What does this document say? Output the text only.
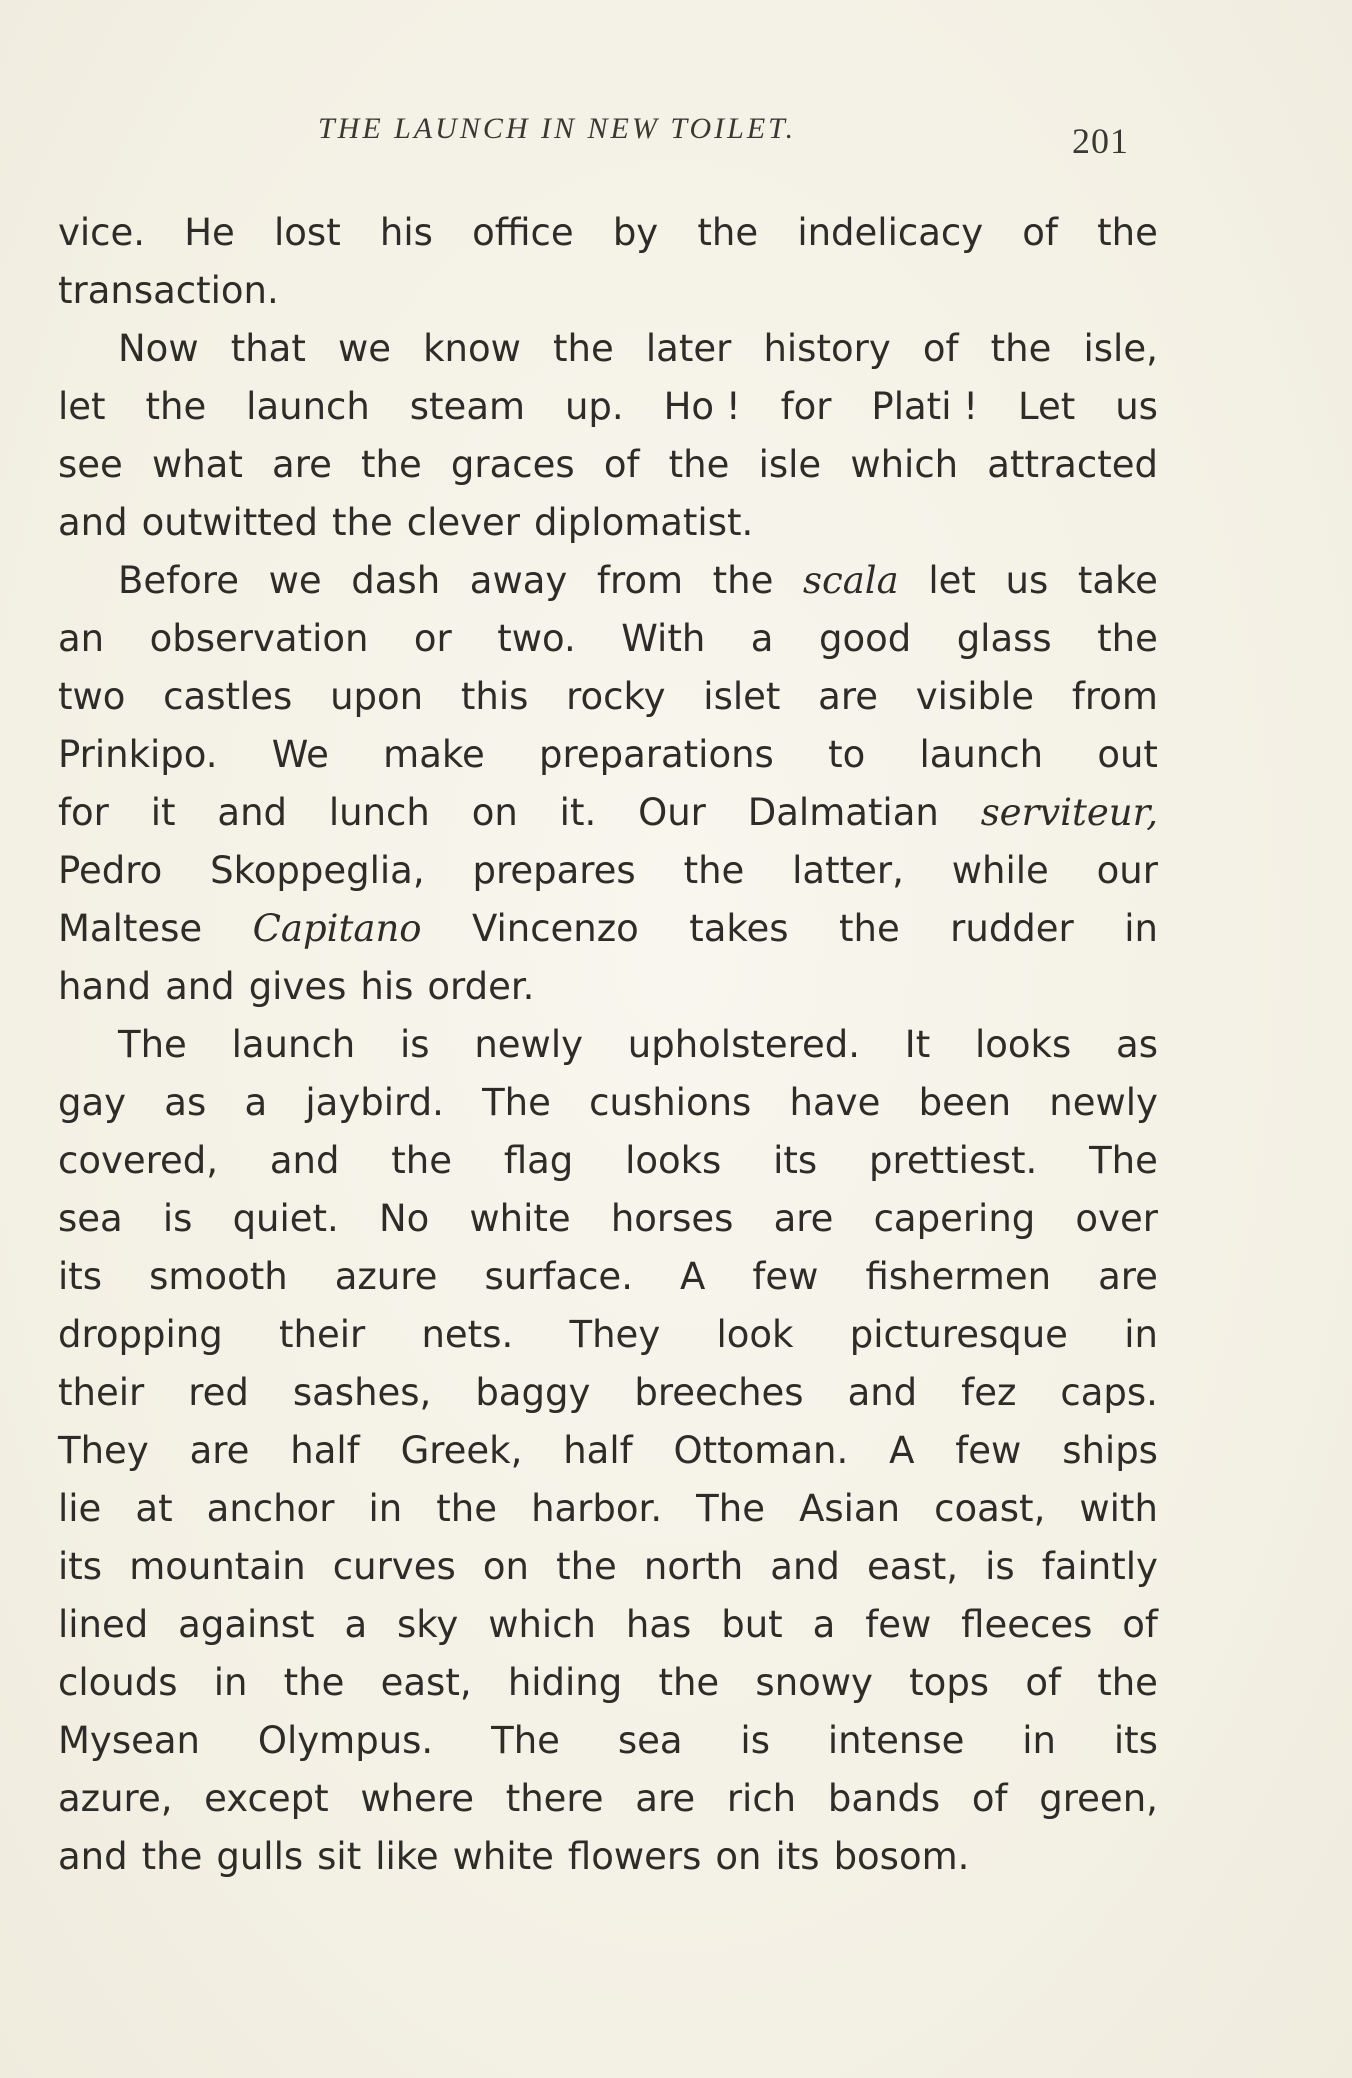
THE LAUNCH IN NEW TOILET.	201
vice. He lost his office by the indelicacy of the
transaction.
Now that we know the later history of the isle,
let the launch steam up. Ho ! for Plati ! Let us
see what are the graces of the isle which attracted
and outwitted the clever diplomatist.
Before we dash away from the scala let us take
an observation or two. With a good glass the
two castles upon this rocky islet are visible from
Prinkipo. We make preparations to launch out
for it and lunch on it. Our Dalmatian serviteur,
Pedro Skoppeglia, prepares the latter, while our
Maltese Capitano Vincenzo takes the rudder in
hand and gives his order.
The launch is newly upholstered. It looks as
gay as a jaybird. The cushions have been newly
covered, and the flag looks its prettiest. The
sea is quiet. No white horses are capering over
its smooth azure surface. A few fishermen are
dropping their nets. They look picturesque in
their red sashes, baggy breeches and fez caps.
They are half Greek, half Ottoman. A few ships
lie at anchor in the harbor. The Asian coast, with
its mountain curves on the north and east, is faintly
lined against a sky which has but a few fleeces of
clouds in the east, hiding the snowy tops of the
Mysean Olympus. The sea is intense in its
azure, except where there are rich bands of green,
and the gulls sit like white flowers on its bosom.
